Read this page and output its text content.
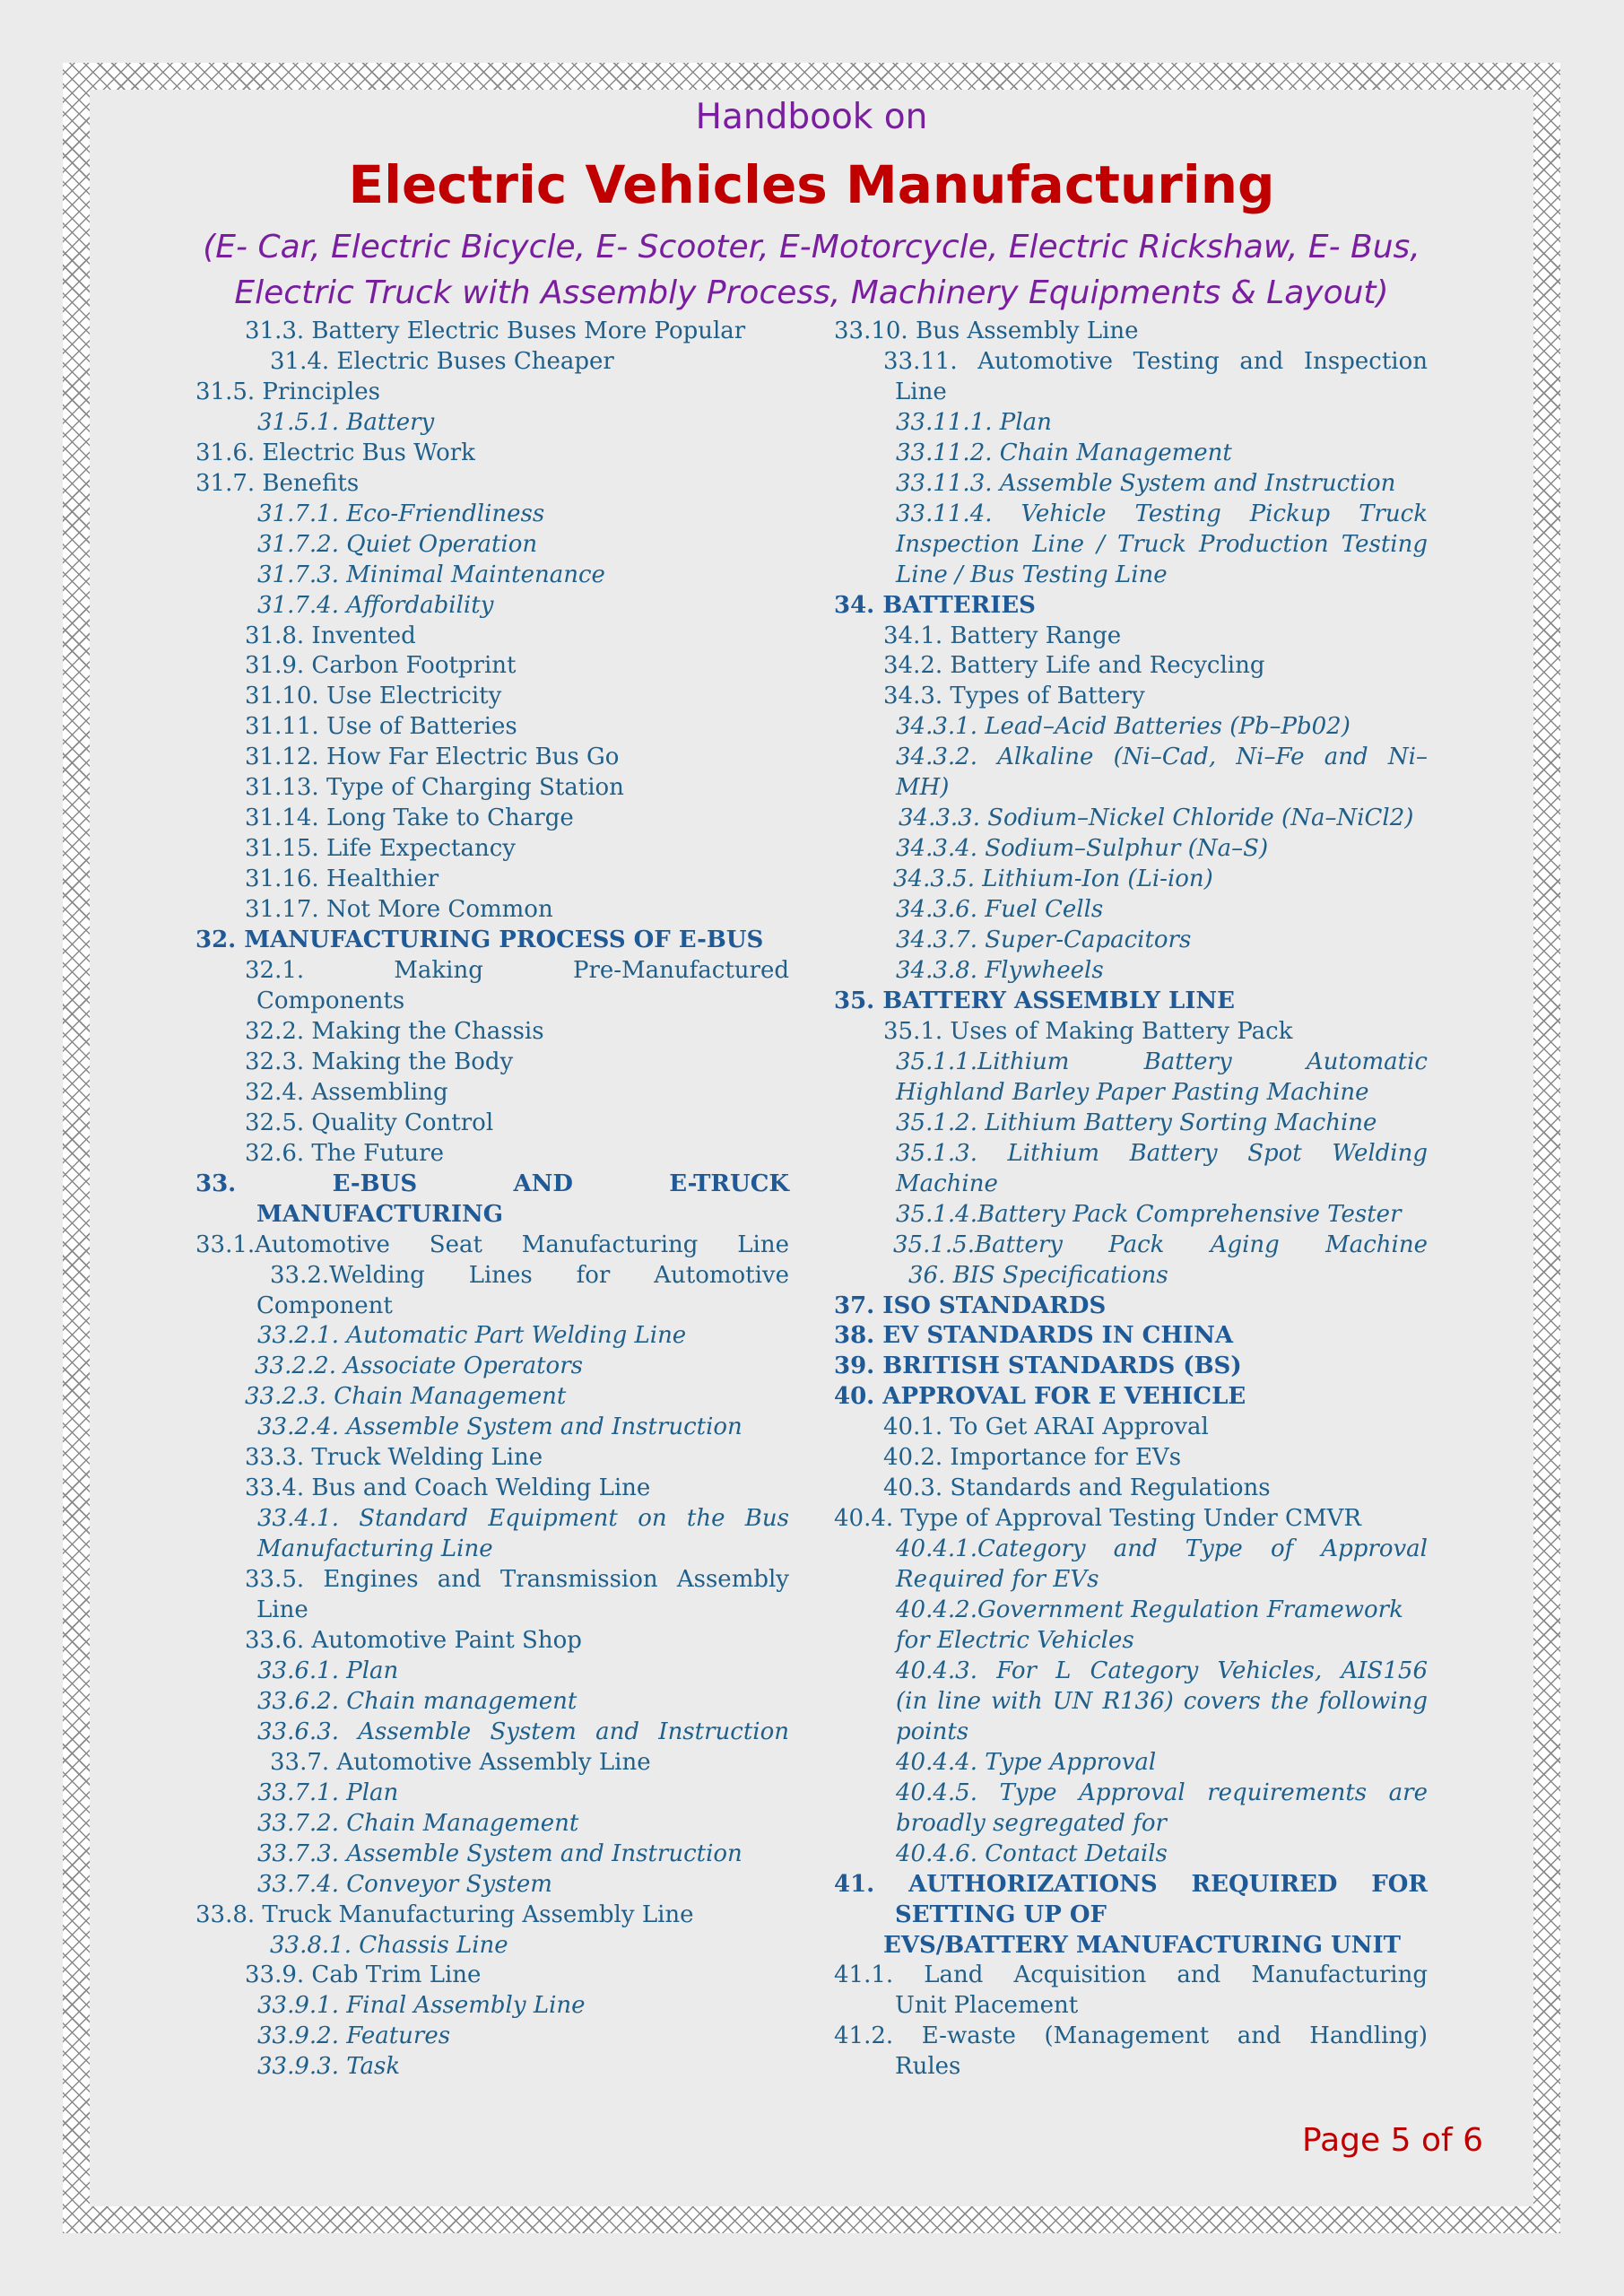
Handbook on
Electric Vehicles Manufacturing
(E- Car, Electric Bicycle, E- Scooter, E-Motorcycle, Electric Rickshaw, E- Bus,
Electric Truck with Assembly Process, Machinery Equipments & Layout)
31.3. Battery Electric Buses More Popular
31.4. Electric Buses Cheaper
31.5. Principles
31.5.1. Battery
31.6. Electric Bus Work
31.7. Benefits
31.7.1. Eco-Friendliness
31.7.2. Quiet Operation
31.7.3. Minimal Maintenance
31.7.4. Affordability
31.8. Invented
31.9. Carbon Footprint
31.10. Use Electricity
31.11. Use of Batteries
31.12. How Far Electric Bus Go
31.13. Type of Charging Station
31.14. Long Take to Charge
31.15. Life Expectancy
31.16. Healthier
31.17. Not More Common
32. MANUFACTURING PROCESS OF E-BUS
32.1. Making Pre-Manufactured
Components
32.2. Making the Chassis
32.3. Making the Body
32.4. Assembling
32.5. Quality Control
32.6. The Future
33. E-BUS AND E-TRUCK
MANUFACTURING
33.1.Automotive Seat Manufacturing Line
33.2.Welding Lines for Automotive
Component
33.2.1. Automatic Part Welding Line
33.2.2. Associate Operators
33.2.3. Chain Management
33.2.4. Assemble System and Instruction
33.3. Truck Welding Line
33.4. Bus and Coach Welding Line
33.4.1. Standard Equipment on the Bus
Manufacturing Line
33.5. Engines and Transmission Assembly
Line
33.6. Automotive Paint Shop
33.6.1. Plan
33.6.2. Chain management
33.6.3. Assemble System and Instruction
33.7. Automotive Assembly Line
33.7.1. Plan
33.7.2. Chain Management
33.7.3. Assemble System and Instruction
33.7.4. Conveyor System
33.8. Truck Manufacturing Assembly Line
33.8.1. Chassis Line
33.9. Cab Trim Line
33.9.1. Final Assembly Line
33.9.2. Features
33.9.3. Task
33.10. Bus Assembly Line
33.11. Automotive Testing and Inspection
Line
33.11.1. Plan
33.11.2. Chain Management
33.11.3. Assemble System and Instruction
33.11.4. Vehicle Testing Pickup Truck
Inspection Line / Truck Production Testing
Line / Bus Testing Line
34. BATTERIES
34.1. Battery Range
34.2. Battery Life and Recycling
34.3. Types of Battery
34.3.1. Lead–Acid Batteries (Pb–Pb02)
34.3.2. Alkaline (Ni–Cad, Ni–Fe and Ni–
MH)
34.3.3. Sodium–Nickel Chloride (Na–NiCl2)
34.3.4. Sodium–Sulphur (Na–S)
34.3.5. Lithium-Ion (Li-ion)
34.3.6. Fuel Cells
34.3.7. Super-Capacitors
34.3.8. Flywheels
35. BATTERY ASSEMBLY LINE
35.1. Uses of Making Battery Pack
35.1.1.Lithium Battery Automatic
Highland Barley Paper Pasting Machine
35.1.2. Lithium Battery Sorting Machine
35.1.3. Lithium Battery Spot Welding
Machine
35.1.4.Battery Pack Comprehensive Tester
35.1.5.Battery Pack Aging Machine
36. BIS Specifications
37. ISO STANDARDS
38. EV STANDARDS IN CHINA
39. BRITISH STANDARDS (BS)
40. APPROVAL FOR E VEHICLE
40.1. To Get ARAI Approval
40.2. Importance for EVs
40.3. Standards and Regulations
40.4. Type of Approval Testing Under CMVR
40.4.1.Category and Type of Approval
Required for EVs
40.4.2.Government Regulation Framework
for Electric Vehicles
40.4.3. For L Category Vehicles, AIS156
(in line with UN R136) covers the following
points
40.4.4. Type Approval
40.4.5. Type Approval requirements are
broadly segregated for
40.4.6. Contact Details
41. AUTHORIZATIONS REQUIRED FOR
SETTING UP OF
EVS/BATTERY MANUFACTURING UNIT
41.1. Land Acquisition and Manufacturing
Unit Placement
41.2. E-waste (Management and Handling)
Rules
Page 5 of 6
